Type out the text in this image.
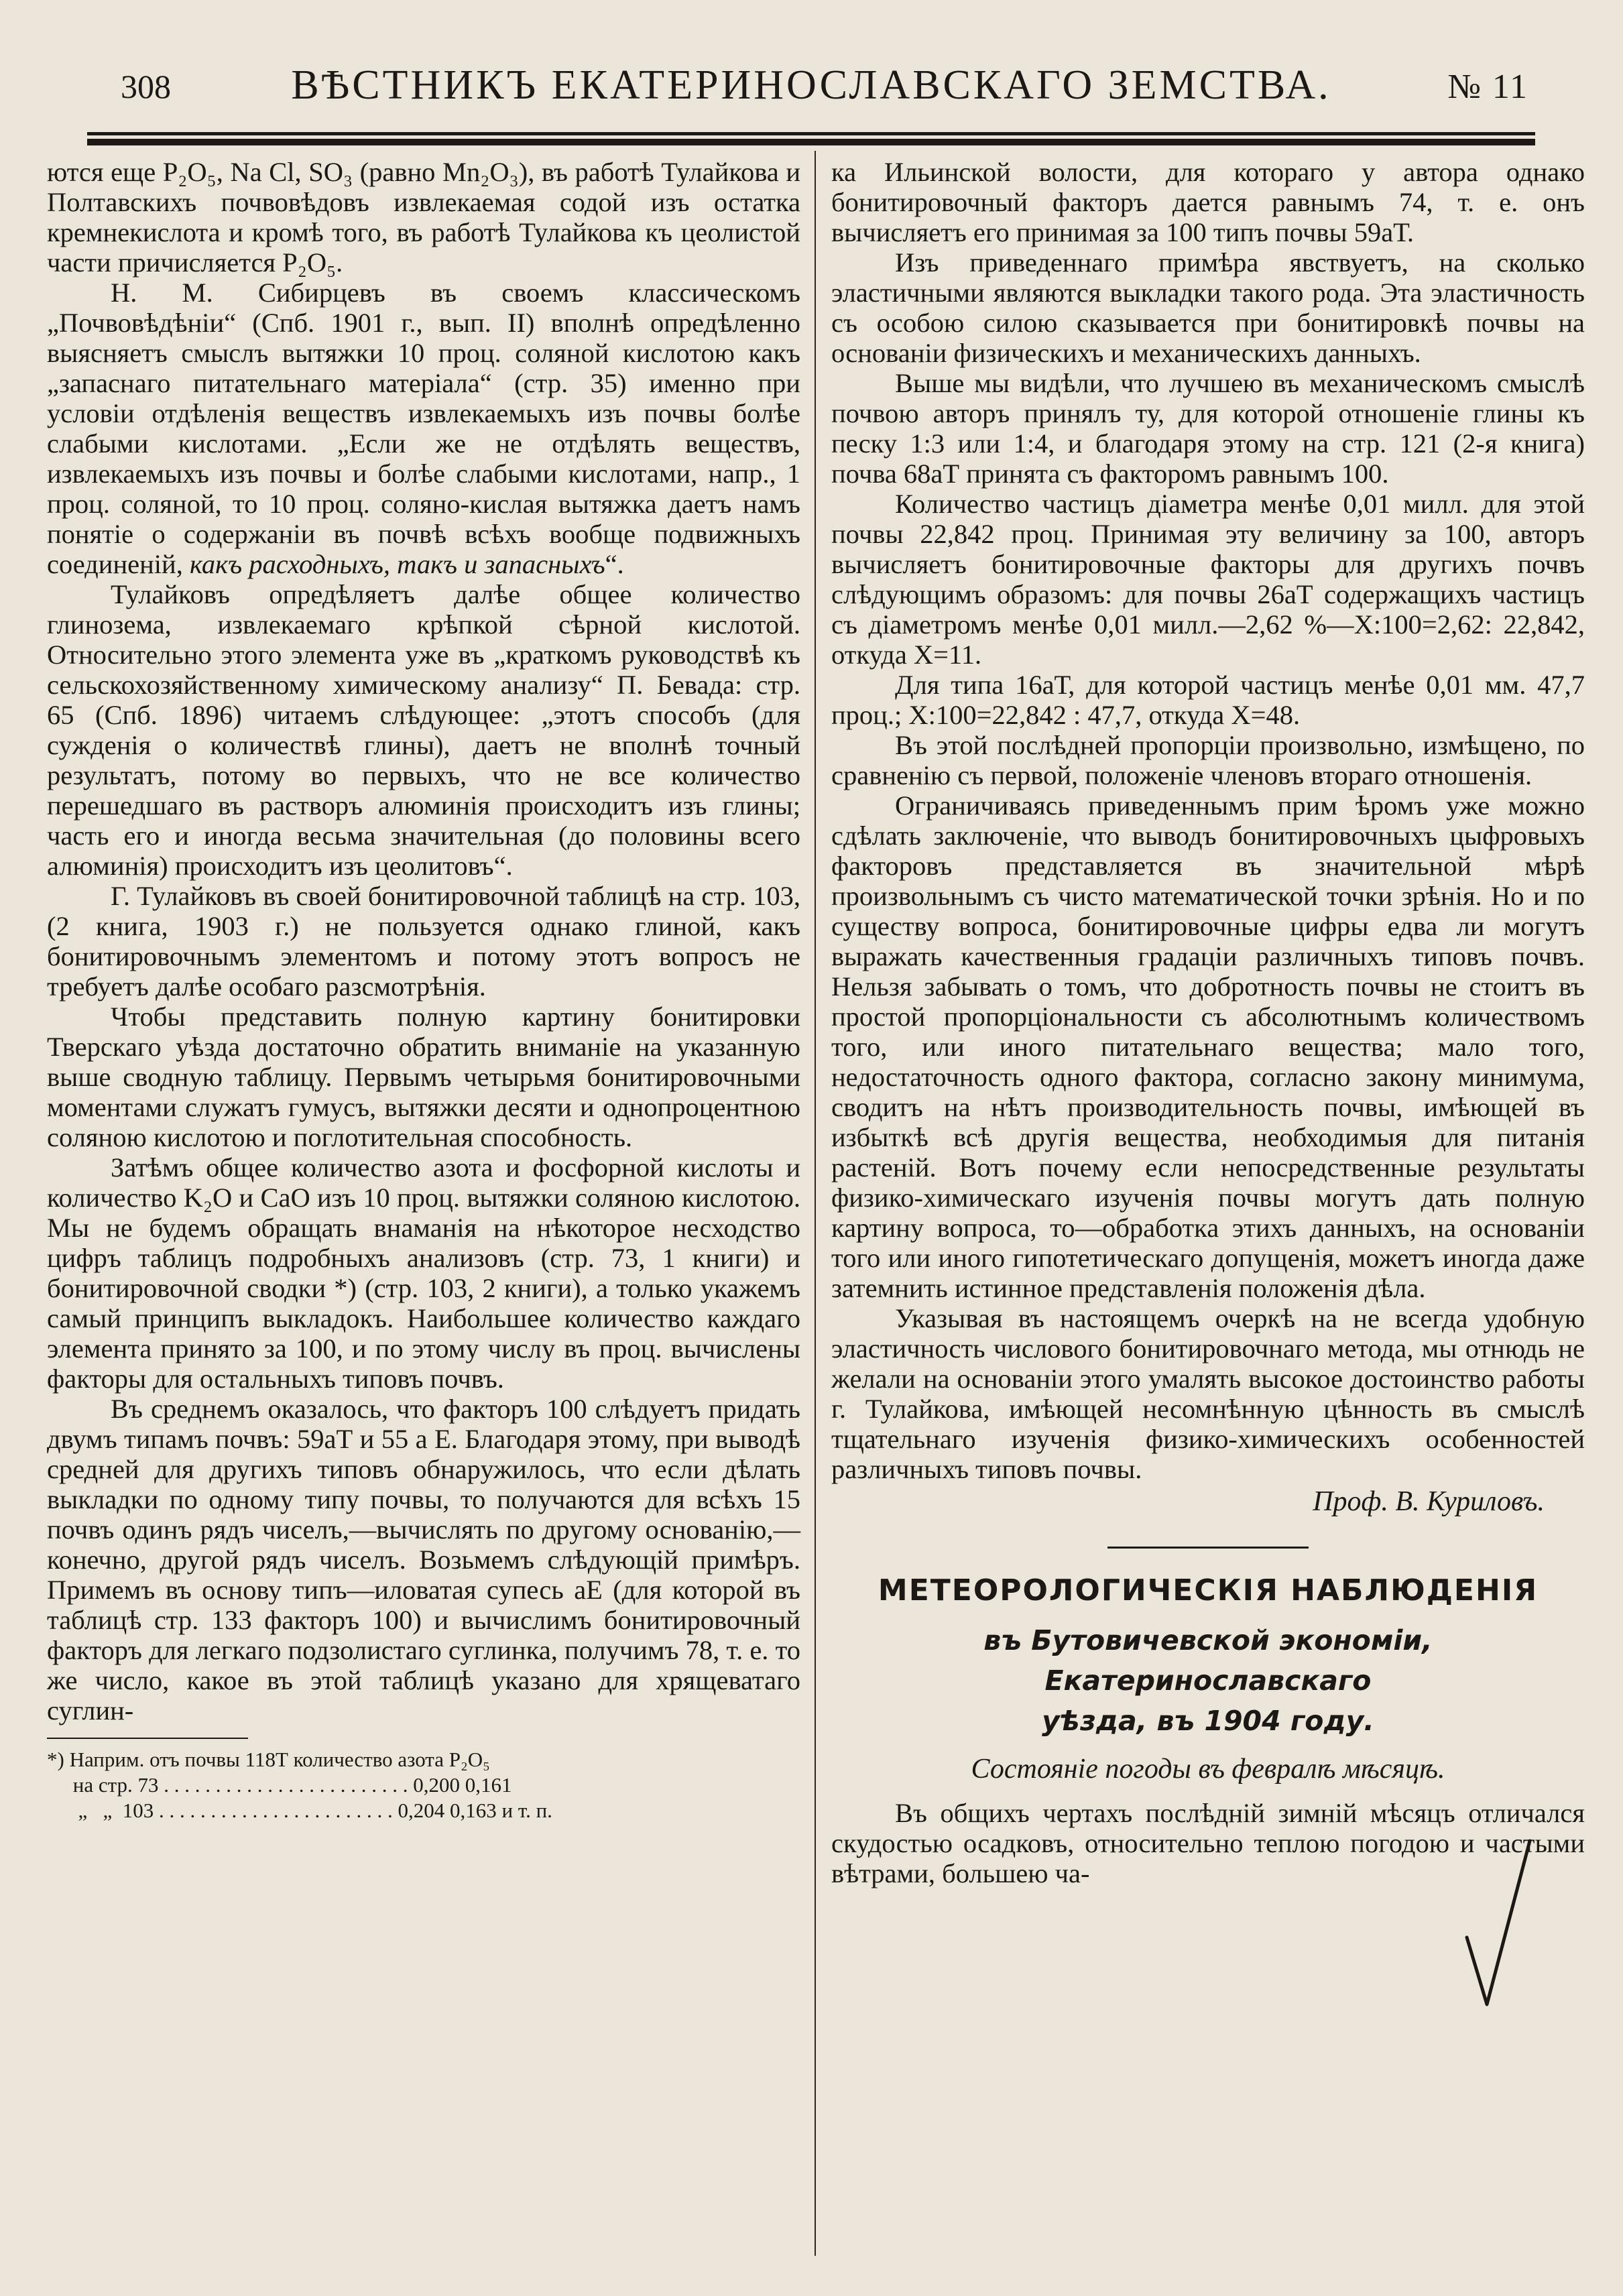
308	ВѢСТНИКЪ ЕКАТЕРИНОСЛАВСКАГО ЗЕМСТВА.	№ 11

ются еще P₂O₅, Na Cl, SO₃ (равно Mn₂O₃), въ работѣ Тулайкова и Полтавскихъ почвовѣдовъ извлекаемая содой изъ остатка кремнекислота и кромѣ того, въ работѣ Тулайкова къ цеолистой части причисляется P₂O₅.

Н. М. Сибирцевъ въ своемъ классическомъ „Почвовѣдѣніи“ (Спб. 1901 г., вып. II) вполнѣ опредѣленно выясняетъ смыслъ вытяжки 10 проц. соляной кислотою какъ „запаснаго питательнаго матеріала“ (стр. 35) именно при условіи отдѣленія веществъ извлекаемыхъ изъ почвы болѣе слабыми кислотами. „Если же не отдѣлять веществъ, извлекаемыхъ изъ почвы и болѣе слабыми кислотами, напр., 1 проц. соляной, то 10 проц. соляно-кислая вытяжка даетъ намъ понятіе о содержаніи въ почвѣ всѣхъ вообще подвижныхъ соединеній, какъ расходныхъ, такъ и запасныхъ“.

Тулайковъ опредѣляетъ далѣе общее количество глинозема, извлекаемаго крѣпкой сѣрной кислотой. Относительно этого элемента уже въ „краткомъ руководствѣ къ сельскохозяйственному химическому анализу“ П. Бевада: стр. 65 (Спб. 1896) читаемъ слѣдующее: „этотъ способъ (для сужденія о количествѣ глины), даетъ не вполнѣ точный результатъ, потому во первыхъ, что не все количество перешедшаго въ растворъ алюминія происходитъ изъ глины; часть его и иногда весьма значительная (до половины всего алюминія) происходитъ изъ цеолитовъ“.

Г. Тулайковъ въ своей бонитировочной таблицѣ на стр. 103, (2 книга, 1903 г.) не пользуется однако глиной, какъ бонитировочнымъ элементомъ и потому этотъ вопросъ не требуетъ далѣе особаго разсмотрѣнія.

Чтобы представить полную картину бонитировки Тверскаго уѣзда достаточно обратить вниманіе на указанную выше сводную таблицу. Первымъ четырьмя бонитировочными моментами служатъ гумусъ, вытяжки десяти и однопроцентною соляною кислотою и поглотительная способность.

Затѣмъ общее количество азота и фосфорной кислоты и количество K₂O и CaO изъ 10 проц. вытяжки соляною кислотою. Мы не будемъ обращать внаманія на нѣкоторое несходство цифръ таблицъ подробныхъ анализовъ (стр. 73, 1 книги) и бонитировочной сводки *) (стр. 103, 2 книги), а только укажемъ самый принципъ выкладокъ. Наибольшее количество каждаго элемента принято за 100, и по этому числу въ проц. вычислены факторы для остальныхъ типовъ почвъ.

Въ среднемъ оказалось, что факторъ 100 слѣдуетъ придать двумъ типамъ почвъ: 59аТ и 55 а Е. Благодаря этому, при выводѣ средней для другихъ типовъ обнаружилось, что если дѣлать выкладки по одному типу почвы, то получаются для всѣхъ 15 почвъ одинъ рядъ чиселъ,—вычислять по другому основанію,—конечно, другой рядъ чиселъ. Возьмемъ слѣдующій примѣръ. Примемъ въ основу типъ—иловатая супесь аЕ (для которой въ таблицѣ стр. 133 факторъ 100) и вычислимъ бонитировочный факторъ для легкаго подзолистаго суглинка, получимъ 78, т. е. то же число, какое въ этой таблицѣ указано для хрящеватаго суглин-

*) Наприм. отъ почвы 118Т количество азота P₂O₅
на стр. 73 . . . . . . . . . . . . . . . . . . . . . . . . 0,200 0,161
„   „  103 . . . . . . . . . . . . . . . . . . . . . . . 0,204 0,163 и т. п.

ка Ильинской волости, для котораго у автора однако бонитировочный факторъ дается равнымъ 74, т. е. онъ вычисляетъ его принимая за 100 типъ почвы 59аТ.

Изъ приведеннаго примѣра явствуетъ, на сколько эластичными являются выкладки такого рода. Эта эластичность съ особою силою сказывается при бонитировкѣ почвы на основаніи физическихъ и механическихъ данныхъ.

Выше мы видѣли, что лучшею въ механическомъ смыслѣ почвою авторъ принялъ ту, для которой отношеніе глины къ песку 1:3 или 1:4, и благодаря этому на стр. 121 (2-я книга) почва 68аТ принята съ факторомъ равнымъ 100.

Количество частицъ діаметра менѣе 0,01 милл. для этой почвы 22,842 проц. Принимая эту величину за 100, авторъ вычисляетъ бонитировочные факторы для другихъ почвъ слѣдующимъ образомъ: для почвы 26аТ содержащихъ частицъ съ діаметромъ менѣе 0,01 милл.—2,62 %—X:100=2,62: 22,842, откуда X=11.

Для типа 16аТ, для которой частицъ менѣе 0,01 мм. 47,7 проц.; X:100=22,842 : 47,7, откуда X=48.

Въ этой послѣдней пропорціи произвольно, измѣщено, по сравненію съ первой, положеніе членовъ втораго отношенія.

Ограничиваясь приведеннымъ прим ѣромъ уже можно сдѣлать заключеніе, что выводъ бонитировочныхъ цыфровыхъ факторовъ представляется въ значительной мѣрѣ произвольнымъ съ чисто математической точки зрѣнія. Но и по существу вопроса, бонитировочные цифры едва ли могутъ выражать качественныя градаціи различныхъ типовъ почвъ. Нельзя забывать о томъ, что добротность почвы не стоитъ въ простой пропорціональности съ абсолютнымъ количествомъ того, или иного питательнаго вещества; мало того, недостаточность одного фактора, согласно закону минимума, сводитъ на нѣтъ производительность почвы, имѣющей въ избыткѣ всѣ другія вещества, необходимыя для питанія растеній. Вотъ почему если непосредственные результаты физико-химическаго изученія почвы могутъ дать полную картину вопроса, то—обработка этихъ данныхъ, на основаніи того или иного гипотетическаго допущенія, можетъ иногда даже затемнить истинное представленія положенія дѣла.

Указывая въ настоящемъ очеркѣ на не всегда удобную эластичность числового бонитировочнаго метода, мы отнюдь не желали на основаніи этого умалять высокое достоинство работы г. Тулайкова, имѣющей несомнѣнную цѣнность въ смыслѣ тщательнаго изученія физико-химическихъ особенностей различныхъ типовъ почвы.

Проф. В. Куриловъ.
МЕТЕОРОЛОГИЧЕСКІЯ НАБЛЮДЕНІЯ
въ Бутовичевской экономіи, Екатеринославскаго
уѣзда, въ 1904 году.
Состояніе погоды въ февралѣ мѣсяцѣ.

Въ общихъ чертахъ послѣдній зимній мѣсяцъ отличался скудостью осадковъ, относительно теплою погодою и частыми вѣтрами, большею ча-
